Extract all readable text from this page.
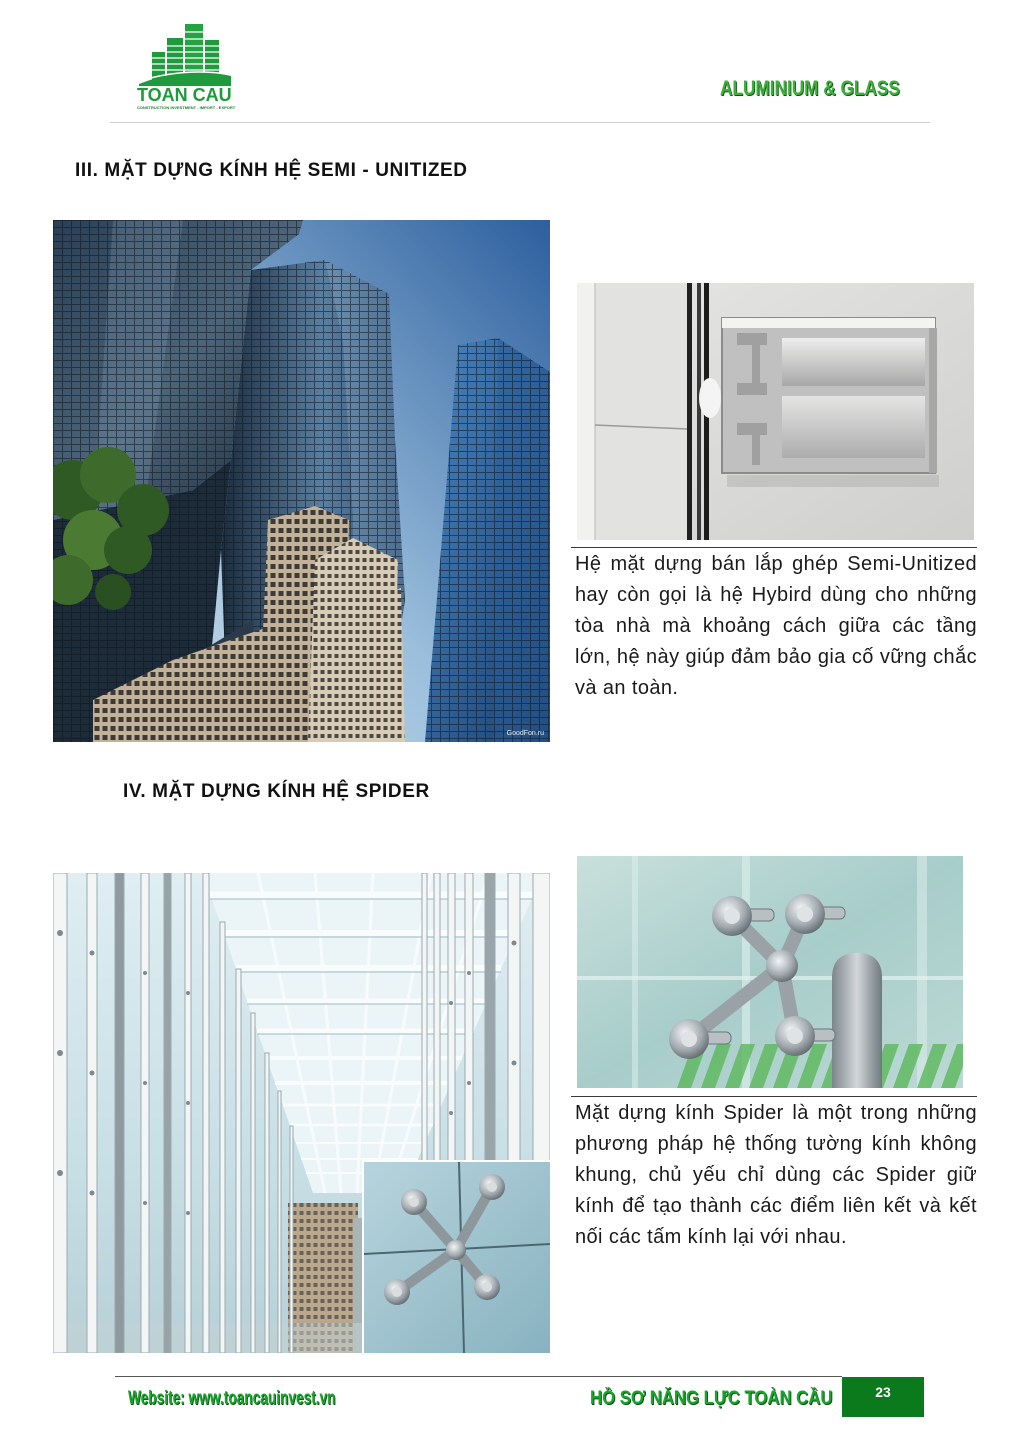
TOAN CAU
CONSTRUCTION INVESTMENT - IMPORT - EXPORT
ALUMINIUM & GLASS
III. MẶT DỰNG KÍNH HỆ SEMI - UNITIZED
GoodFon.ru
Hệ mặt dựng bán lắp ghép Semi-Unitized hay còn gọi là hệ Hybird dùng cho những tòa nhà mà khoảng cách giữa các tầng lớn, hệ này giúp đảm bảo gia cố vững chắc và an toàn.
IV. MẶT DỰNG KÍNH HỆ SPIDER
Mặt dựng kính Spider là một trong những phương pháp hệ thống tường kính không khung, chủ yếu chỉ dùng các Spider giữ kính để tạo thành các điểm liên kết và kết nối các tấm kính lại với nhau.
Website: www.toancauinvest.vn	HỒ SƠ NĂNG LỰC TOÀN CẦU	23
